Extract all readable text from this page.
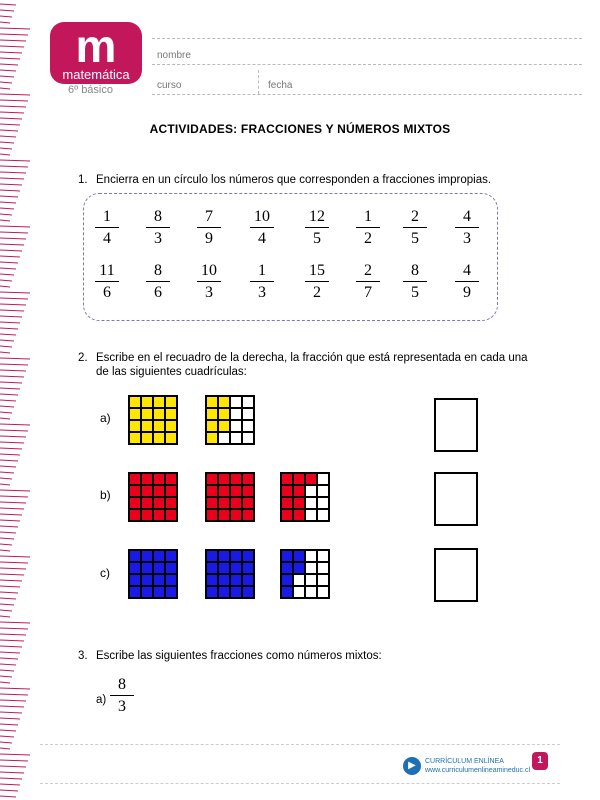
m
matemática
6º básico
nombre
curso	fecha
ACTIVIDADES: FRACCIONES Y NÚMEROS MIXTOS
1. Encierra en un círculo los números que corresponden a fracciones impropias.
1
4
8
3
7
9
10
4
12
5
1
2
2
5
4
3
11
6
8
6
10
3
1
3
15
2
2
7
8
5
4
9
2. Escribe en el recuadro de la derecha, la fracción que está representada en cada una
de las siguientes cuadrículas:
a)
b)
c)
3. Escribe las siguientes fracciones como números mixtos:
a)
8
3
▶	CURRÍCULUM ENLÍNEA
www.curriculumenlineamineduc.cl
1
